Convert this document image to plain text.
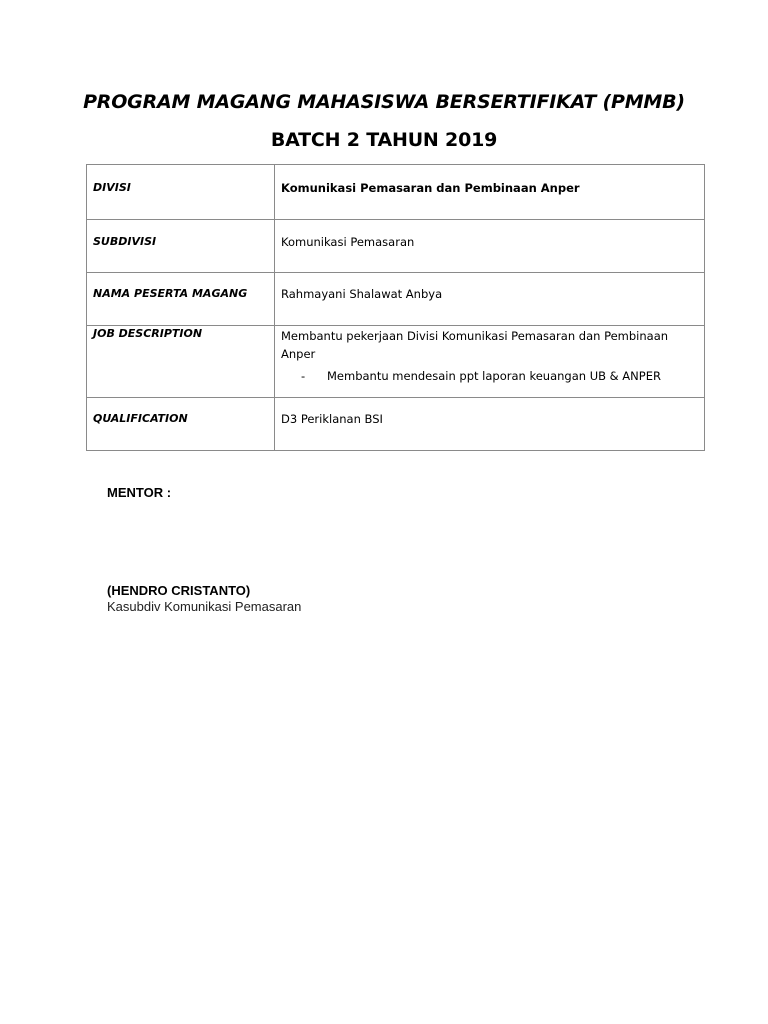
PROGRAM MAGANG MAHASISWA BERSERTIFIKAT (PMMB)
BATCH 2 TAHUN 2019
DIVISI	Komunikasi Pemasaran dan Pembinaan Anper
SUBDIVISI	Komunikasi Pemasaran
NAMA PESERTA MAGANG	Rahmayani Shalawat Anbya
JOB DESCRIPTION	Membantu pekerjaan Divisi Komunikasi Pemasaran dan Pembinaan Anper
- Membantu mendesain ppt laporan keuangan UB & ANPER

QUALIFICATION	D3 Periklanan BSI
MENTOR :
(HENDRO CRISTANTO)
Kasubdiv Komunikasi Pemasaran
